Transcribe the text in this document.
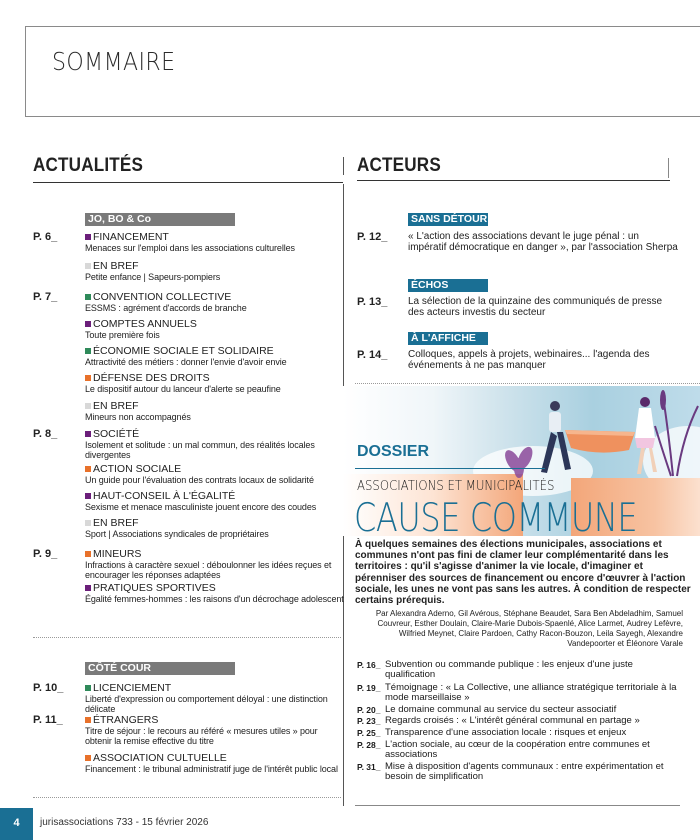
SOMMAIRE
ACTUALITÉS
JO, BO & Co
P. 6_	FINANCEMENT
Menaces sur l'emploi dans les associations culturelles
EN BREF
Petite enfance | Sapeurs-pompiers
P. 7_	CONVENTION COLLECTIVE
ESSMS : agrément d'accords de branche
COMPTES ANNUELS
Toute première fois
ÉCONOMIE SOCIALE ET SOLIDAIRE
Attractivité des métiers : donner l'envie d'avoir envie
DÉFENSE DES DROITS
Le dispositif autour du lanceur d'alerte se peaufine
EN BREF
Mineurs non accompagnés
P. 8_	SOCIÉTÉ
Isolement et solitude : un mal commun, des réalités locales divergentes
ACTION SOCIALE
Un guide pour l'évaluation des contrats locaux de solidarité
HAUT-CONSEIL À L'ÉGALITÉ
Sexisme et menace masculiniste jouent encore des coudes
EN BREF
Sport | Associations syndicales de propriétaires
P. 9_	MINEURS
Infractions à caractère sexuel : déboulonner les idées reçues et encourager les réponses adaptées
PRATIQUES SPORTIVES
Égalité femmes-hommes : les raisons d'un décrochage adolescent
CÔTÉ COUR
P. 10_	LICENCIEMENT
Liberté d'expression ou comportement déloyal : une distinction délicate
P. 11_	ÉTRANGERS
Titre de séjour : le recours au référé « mesures utiles » pour obtenir la remise effective du titre
ASSOCIATION CULTUELLE
Financement : le tribunal administratif juge de l'intérêt public local
ACTEURS
SANS DÉTOUR
P. 12_ « L'action des associations devant le juge pénal : un impératif démocratique en danger », par l'association Sherpa
ÉCHOS
P. 13_ La sélection de la quinzaine des communiqués de presse des acteurs investis du secteur
À L'AFFICHE
P. 14_ Colloques, appels à projets, webinaires... l'agenda des événements à ne pas manquer
DOSSIER
ASSOCIATIONS ET MUNICIPALITÉS
CAUSE COMMUNE
À quelques semaines des élections municipales, associations et communes n'ont pas fini de clamer leur complémentarité dans les territoires : qu'il s'agisse d'animer la vie locale, d'imaginer et pérenniser des sources de financement ou encore d'œuvrer à l'action sociale, les unes ne vont pas sans les autres. À condition de respecter certains prérequis.
Par Alexandra Aderno, Gil Avérous, Stéphane Beaudet, Sara Ben Abdeladhim, Samuel Couvreur, Esther Doulain, Claire-Marie Dubois-Spaenlé, Alice Larmet, Audrey Lefèvre, Wilfried Meynet, Claire Pardoen, Cathy Racon-Bouzon, Leila Sayegh, Alexandre Vandepoorter et Éléonore Varale
P. 16_ Subvention ou commande publique : les enjeux d'une juste qualification
P. 19_ Témoignage : « La Collective, une alliance stratégique territoriale à la mode marseillaise »
P. 20_ Le domaine communal au service du secteur associatif
P. 23_ Regards croisés : « L'intérêt général communal en partage »
P. 25_ Transparence d'une association locale : risques et enjeux
P. 28_ L'action sociale, au cœur de la coopération entre communes et associations
P. 31_ Mise à disposition d'agents communaux : entre expérimentation et besoin de simplification
4	jurisassociations 733 - 15 février 2026
